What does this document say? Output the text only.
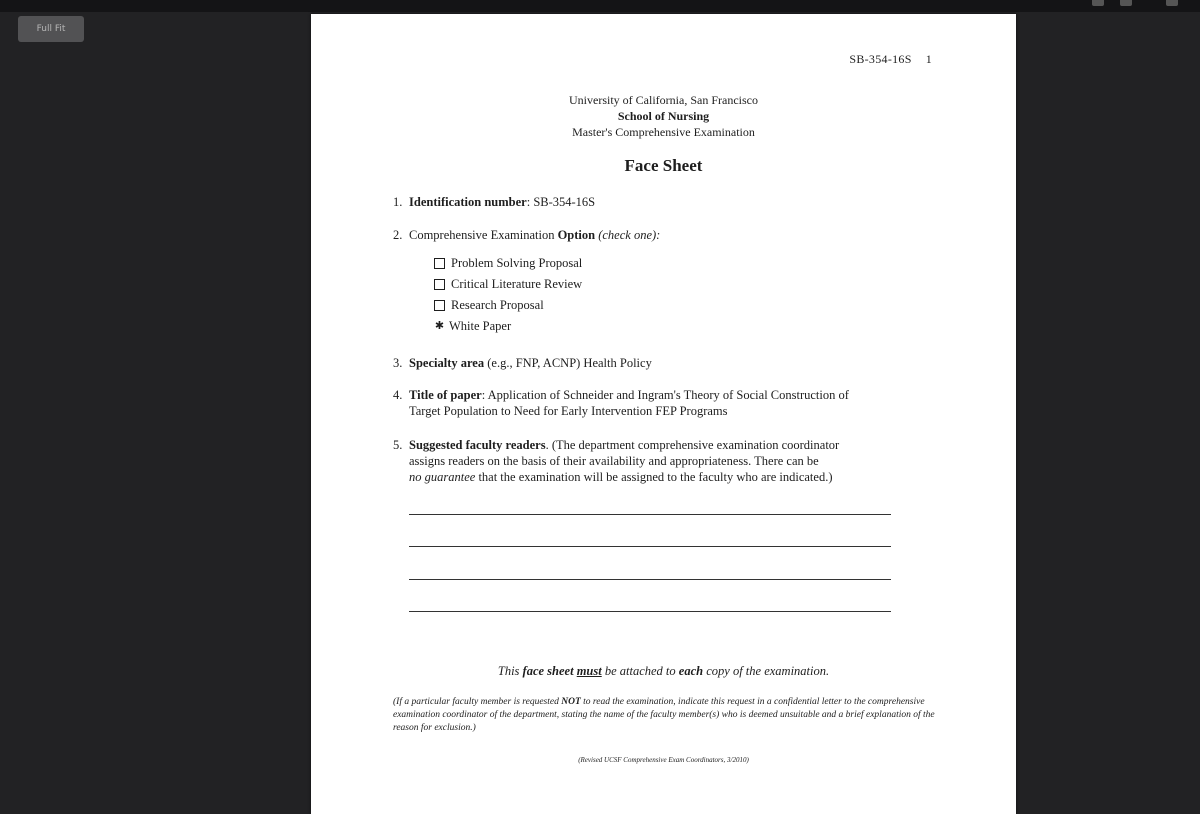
Full Fit
SB-354-16S 1
University of California, San Francisco
School of Nursing
Master's Comprehensive Examination
Face Sheet
1. Identification number: SB-354-16S
2. Comprehensive Examination Option (check one):
Problem Solving Proposal
Critical Literature Review
Research Proposal
✱ White Paper
3. Specialty area (e.g., FNP, ACNP) Health Policy
4. Title of paper: Application of Schneider and Ingram's Theory of Social Construction of
Target Population to Need for Early Intervention FEP Programs
5. Suggested faculty readers. (The department comprehensive examination coordinator
assigns readers on the basis of their availability and appropriateness. There can be
no guarantee that the examination will be assigned to the faculty who are indicated.)
This face sheet must be attached to each copy of the examination.
(If a particular faculty member is requested NOT to read the examination, indicate this request in a confidential letter to the comprehensive examination coordinator of the department, stating the name of the faculty member(s) who is deemed unsuitable and a brief explanation of the reason for exclusion.)
(Revised UCSF Comprehensive Exam Coordinators, 3/2010)
